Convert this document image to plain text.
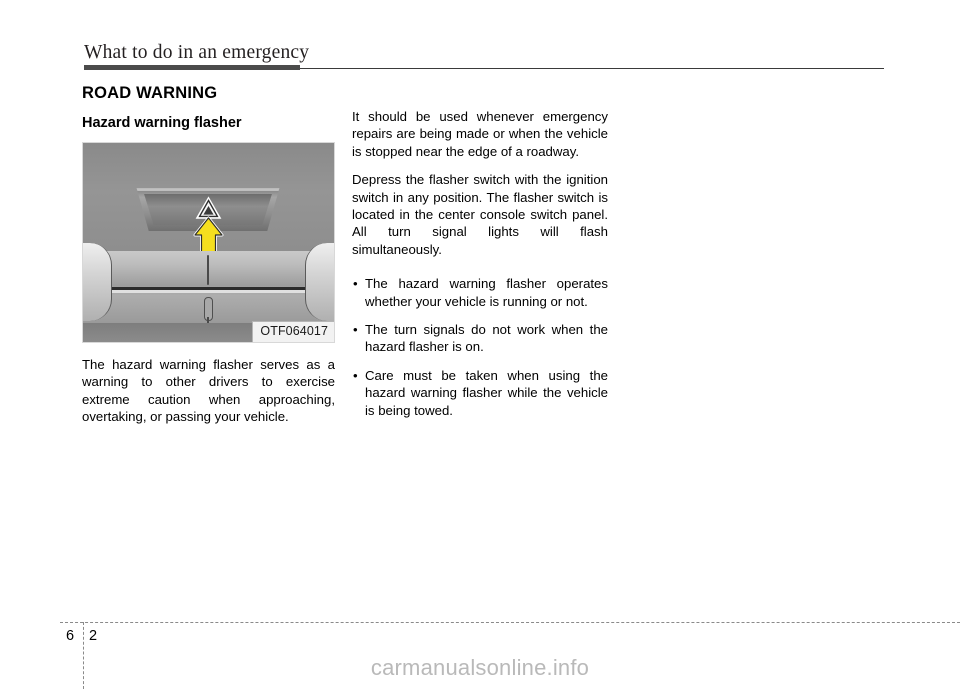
What to do in an emergency
ROAD WARNING
Hazard warning flasher
OTF064017

The hazard warning flasher serves as a warning to other drivers to exercise extreme caution when approaching, overtaking, or passing your vehicle.

It should be used whenever emergency repairs are being made or when the vehicle is stopped near the edge of a roadway.

Depress the flasher switch with the ignition switch in any position. The flasher switch is located in the center console switch panel. All turn signal lights will flash simultaneously.

• The hazard warning flasher operates whether your vehicle is running or not.
• The turn signals do not work when the hazard flasher is on.
• Care must be taken when using the hazard warning flasher while the vehicle is being towed.
6 2
carmanualsonline.info
